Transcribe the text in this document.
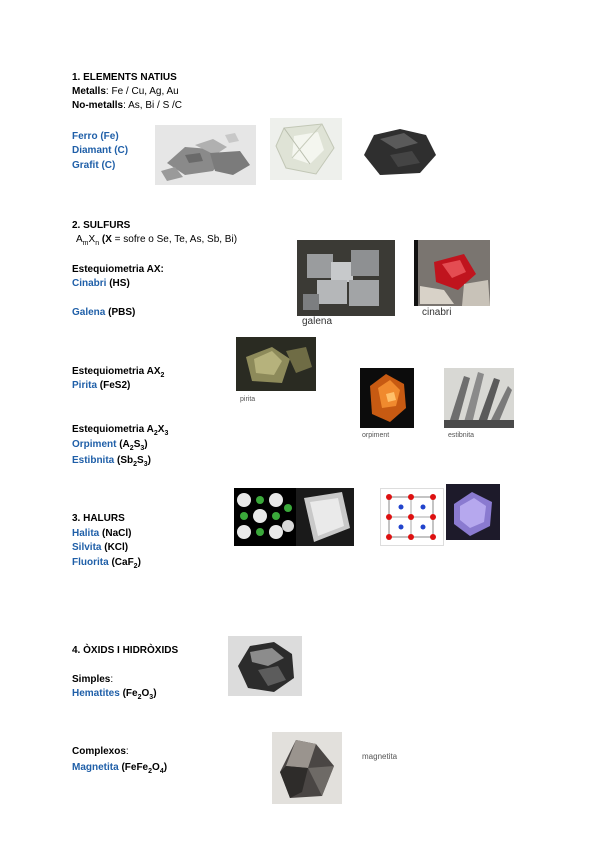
1. ELEMENTS NATIUS
Metalls: Fe / Cu, Ag, Au
No-metalls: As, Bi / S /C
Ferro (Fe)
Diamant (C)
Grafit (C)
2. SULFURS
$A_mX_n$ (X = sofre o Se, Te, As, Sb, Bi)
Estequiometria AX:
Cinabri (HS)
Galena (PBS)
galena
cinabri
Estequiometria $AX_2$
Pirita (FeS2)
pirita
Estequiometria $A_2X_3$
Orpiment $(A_2S_3)$
Estibnita $(Sb_2S_3)$
orpiment	estibnita
3. HALURS
Halita (NaCl)
Silvita (KCl)
Fluorita (CaF$_2$)
4. ÒXIDS I HIDRÒXIDS
Simples:
Hematites $(Fe_2O_3)$
Complexos:
Magnetita $(FeFe_2O_4)$
magnetita
